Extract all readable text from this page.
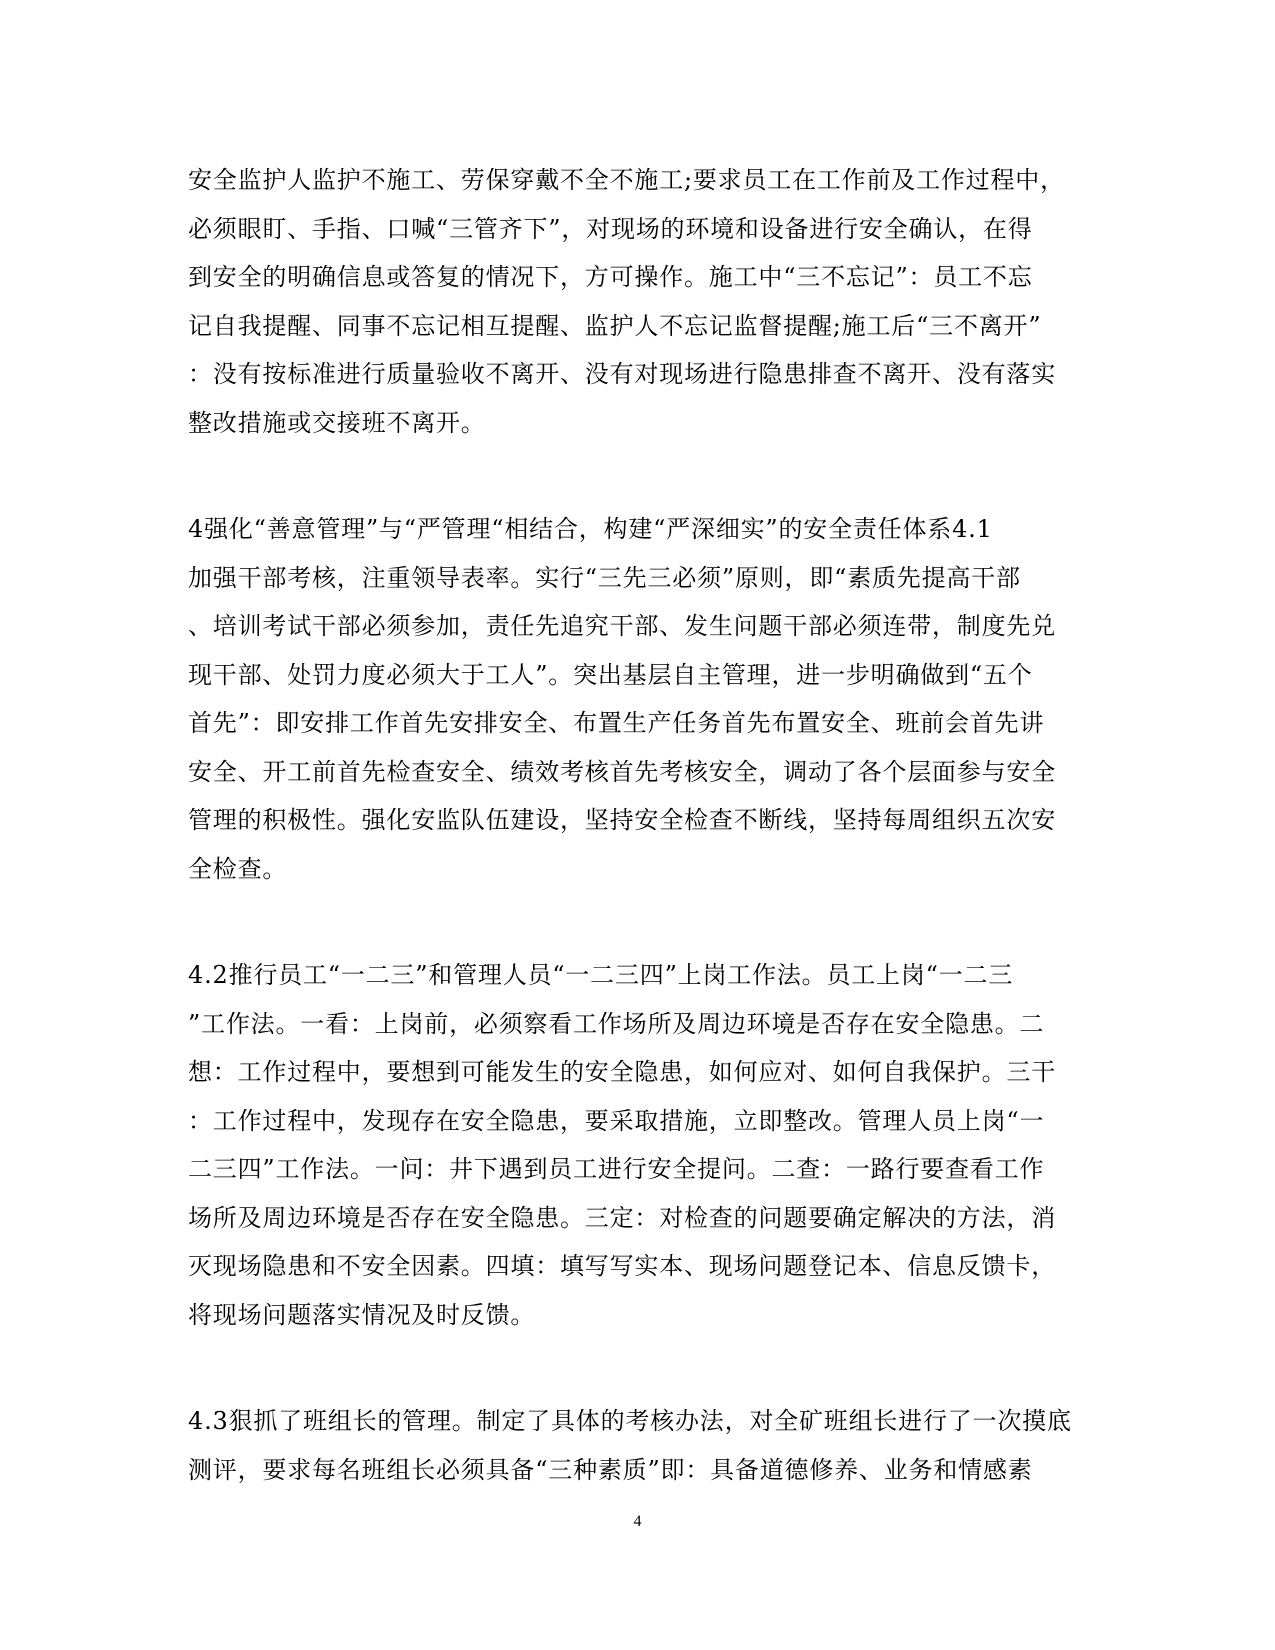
安全监护人监护不施工、劳保穿戴不全不施工;要求员工在工作前及工作过程中，
必须眼盯、手指、口喊“三管齐下”，对现场的环境和设备进行安全确认，在得
到安全的明确信息或答复的情况下，方可操作。施工中“三不忘记”：员工不忘
记自我提醒、同事不忘记相互提醒、监护人不忘记监督提醒;施工后“三不离开”
：没有按标准进行质量验收不离开、没有对现场进行隐患排查不离开、没有落实
整改措施或交接班不离开。
4强化“善意管理”与“严管理“相结合，构建“严深细实”的安全责任体系4.1
加强干部考核，注重领导表率。实行“三先三必须”原则，即“素质先提高干部
、培训考试干部必须参加，责任先追究干部、发生问题干部必须连带，制度先兑
现干部、处罚力度必须大于工人”。突出基层自主管理，进一步明确做到“五个
首先”：即安排工作首先安排安全、布置生产任务首先布置安全、班前会首先讲
安全、开工前首先检查安全、绩效考核首先考核安全，调动了各个层面参与安全
管理的积极性。强化安监队伍建设，坚持安全检查不断线，坚持每周组织五次安
全检查。
4.2推行员工“一二三”和管理人员“一二三四”上岗工作法。员工上岗“一二三
”工作法。一看：上岗前，必须察看工作场所及周边环境是否存在安全隐患。二
想：工作过程中，要想到可能发生的安全隐患，如何应对、如何自我保护。三干
：工作过程中，发现存在安全隐患，要采取措施，立即整改。管理人员上岗“一
二三四”工作法。一问：井下遇到员工进行安全提问。二查：一路行要查看工作
场所及周边环境是否存在安全隐患。三定：对检查的问题要确定解决的方法，消
灭现场隐患和不安全因素。四填：填写写实本、现场问题登记本、信息反馈卡，
将现场问题落实情况及时反馈。
4.3狠抓了班组长的管理。制定了具体的考核办法，对全矿班组长进行了一次摸底
测评，要求每名班组长必须具备“三种素质”即：具备道德修养、业务和情感素
4
